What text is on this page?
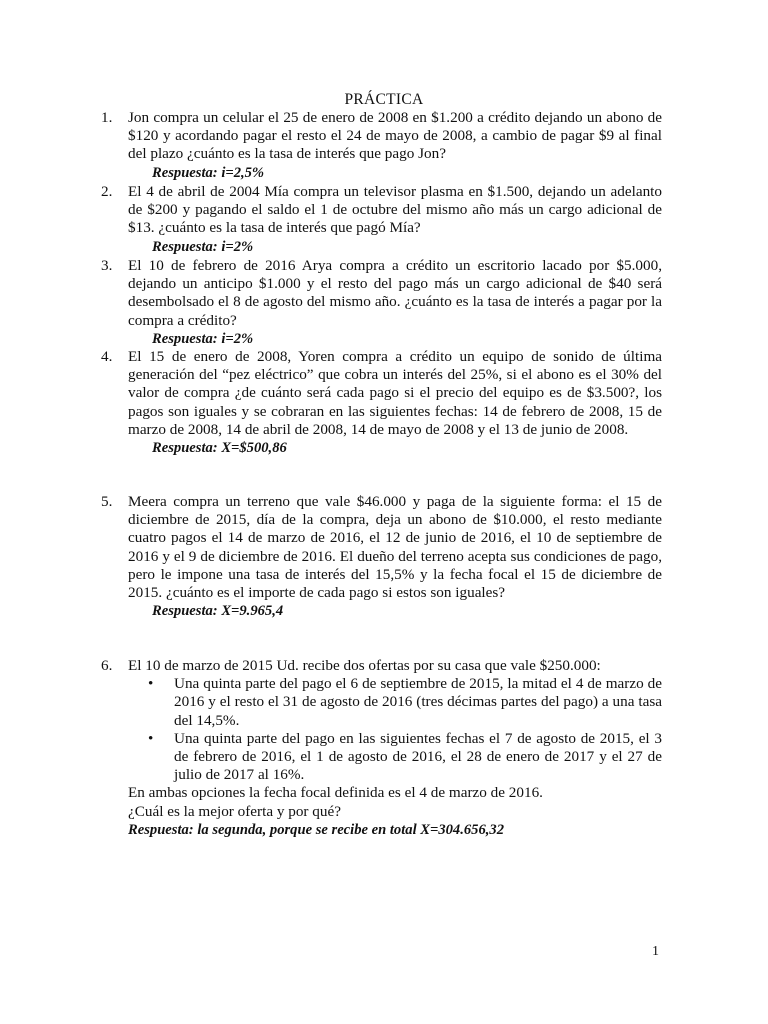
PRÁCTICA
1. Jon compra un celular el 25 de enero de 2008 en $1.200 a crédito dejando un abono de $120 y acordando pagar el resto el 24 de mayo de 2008, a cambio de pagar $9 al final del plazo ¿cuánto es la tasa de interés que pago Jon?
Respuesta: i=2,5%
2. El 4 de abril de 2004 Mía compra un televisor plasma en $1.500, dejando un adelanto de $200 y pagando el saldo el 1 de octubre del mismo año más un cargo adicional de $13. ¿cuánto es la tasa de interés que pagó Mía?
Respuesta: i=2%
3. El 10 de febrero de 2016 Arya compra a crédito un escritorio lacado por $5.000, dejando un anticipo $1.000 y el resto del pago más un cargo adicional de $40 será desembolsado el 8 de agosto del mismo año. ¿cuánto es la tasa de interés a pagar por la compra a crédito?
Respuesta: i=2%
4. El 15 de enero de 2008, Yoren compra a crédito un equipo de sonido de última generación del “pez eléctrico” que cobra un interés del 25%, si el abono es el 30% del valor de compra ¿de cuánto será cada pago si el precio del equipo es de $3.500?, los pagos son iguales y se cobraran en las siguientes fechas: 14 de febrero de 2008, 15 de marzo de 2008, 14 de abril de 2008, 14 de mayo de 2008 y el 13 de junio de 2008.
Respuesta: X=$500,86
5. Meera compra un terreno que vale $46.000 y paga de la siguiente forma: el 15 de diciembre de 2015, día de la compra, deja un abono de $10.000, el resto mediante cuatro pagos el 14 de marzo de 2016, el 12 de junio de 2016, el 10 de septiembre de 2016 y el 9 de diciembre de 2016. El dueño del terreno acepta sus condiciones de pago, pero le impone una tasa de interés del 15,5% y la fecha focal el 15 de diciembre de 2015. ¿cuánto es el importe de cada pago si estos son iguales?
Respuesta: X=9.965,4
6. El 10 de marzo de 2015 Ud. recibe dos ofertas por su casa que vale $250.000:
• Una quinta parte del pago el 6 de septiembre de 2015, la mitad el 4 de marzo de 2016 y el resto el 31 de agosto de 2016 (tres décimas partes del pago) a una tasa del 14,5%.
• Una quinta parte del pago en las siguientes fechas el 7 de agosto de 2015, el 3 de febrero de 2016, el 1 de agosto de 2016, el 28 de enero de 2017 y el 27 de julio de 2017 al 16%.
En ambas opciones la fecha focal definida es el 4 de marzo de 2016.
¿Cuál es la mejor oferta y por qué?
Respuesta: la segunda, porque se recibe en total X=304.656,32
1
